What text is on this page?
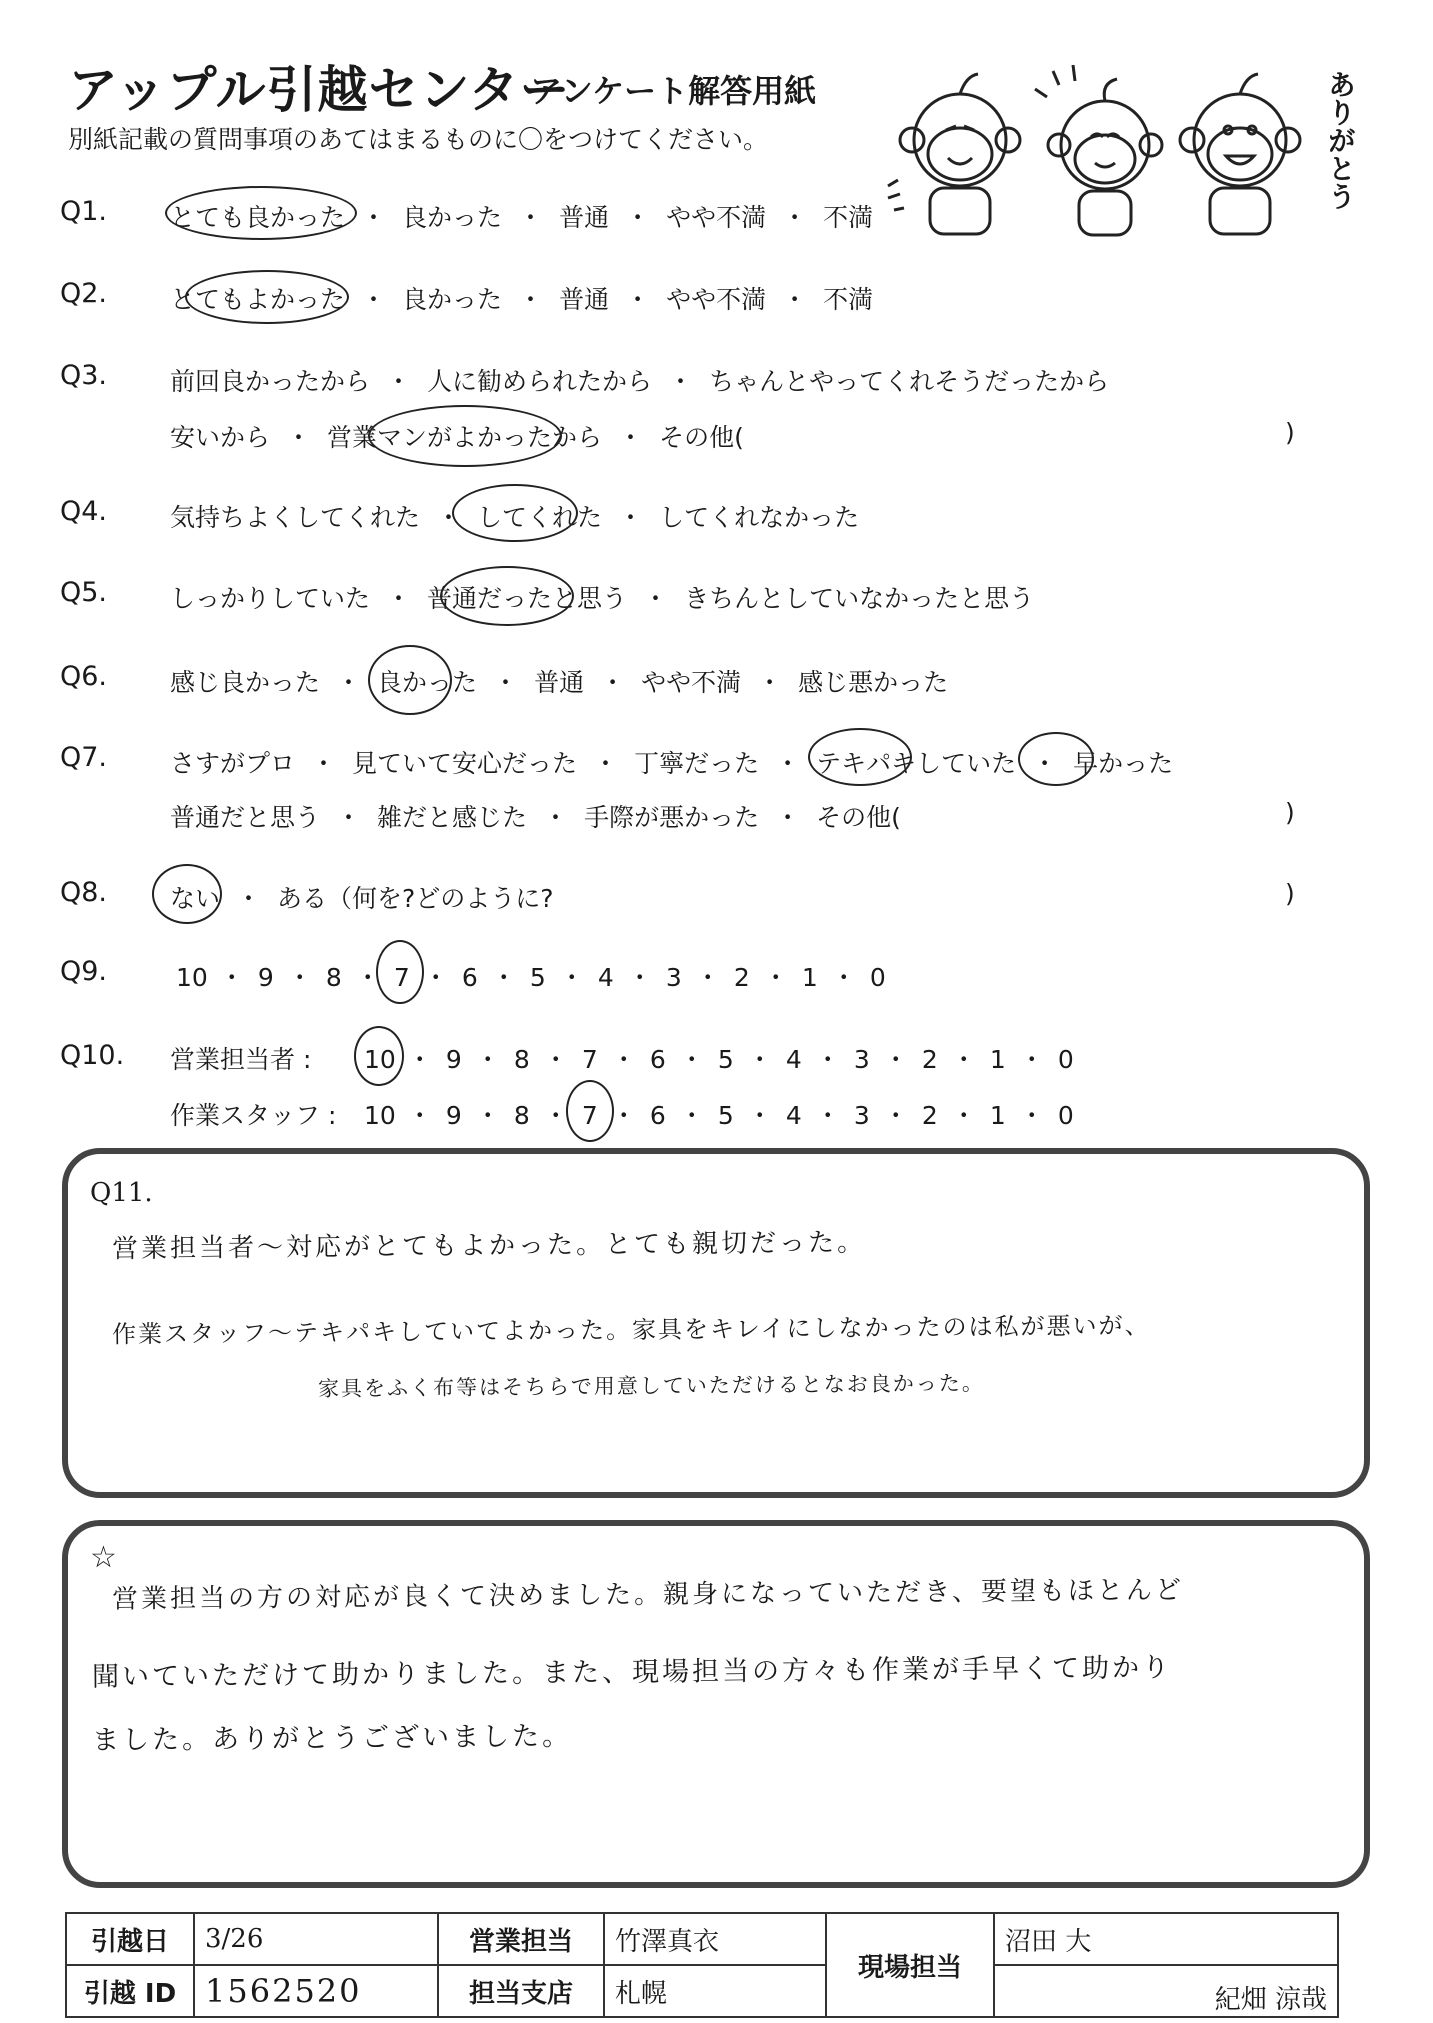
アップル引越センター
アンケート解答用紙
別紙記載の質問事項のあてはまるものに〇をつけてください。	ありがとう
Q1.	とても良かった ・ 良かった ・ 普通 ・ やや不満 ・ 不満
Q2.	とてもよかった ・ 良かった ・ 普通 ・ やや不満 ・ 不満
Q3.	前回良かったから ・ 人に勧められたから ・ ちゃんとやってくれそうだったから
安いから ・ 営業マンがよかったから ・ その他(	)
Q4.	気持ちよくしてくれた ・ してくれた ・ してくれなかった
Q5.	しっかりしていた ・ 普通だったと思う ・ きちんとしていなかったと思う
Q6.	感じ良かった ・ 良かった ・ 普通 ・ やや不満 ・ 感じ悪かった
Q7.	さすがプロ ・ 見ていて安心だった ・ 丁寧だった ・ テキパキしていた ・ 早かった
普通だと思う ・ 雑だと感じた ・ 手際が悪かった ・ その他(	)
Q8.	ない ・ ある（何を?どのように?	)
Q9.	10 ・ 9 ・ 8 ・ 7 ・ 6 ・ 5 ・ 4 ・ 3 ・ 2 ・ 1 ・ 0
Q10. 営業担当者 : 10 ・ 9 ・ 8 ・ 7 ・ 6 ・ 5 ・ 4 ・ 3 ・ 2 ・ 1 ・ 0
作業スタッフ : 10 ・ 9 ・ 8 ・ 7 ・ 6 ・ 5 ・ 4 ・ 3 ・ 2 ・ 1 ・ 0
Q11.
営業担当者〜対応がとてもよかった。とても親切だった。
作業スタッフ〜テキパキしていてよかった。家具をキレイにしなかったのは私が悪いが、
家具をふく布等はそちらで用意していただけるとなお良かった。
☆
営業担当の方の対応が良くて決めました。親身になっていただき、要望もほとんど
聞いていただけて助かりました。また、現場担当の方々も作業が手早くて助かり
ました。ありがとうございました。
引越日	3/26	営業担当	竹澤真衣	現場担当	沼田 大
引越 ID	1562520	担当支店	札幌		紀畑 涼哉
